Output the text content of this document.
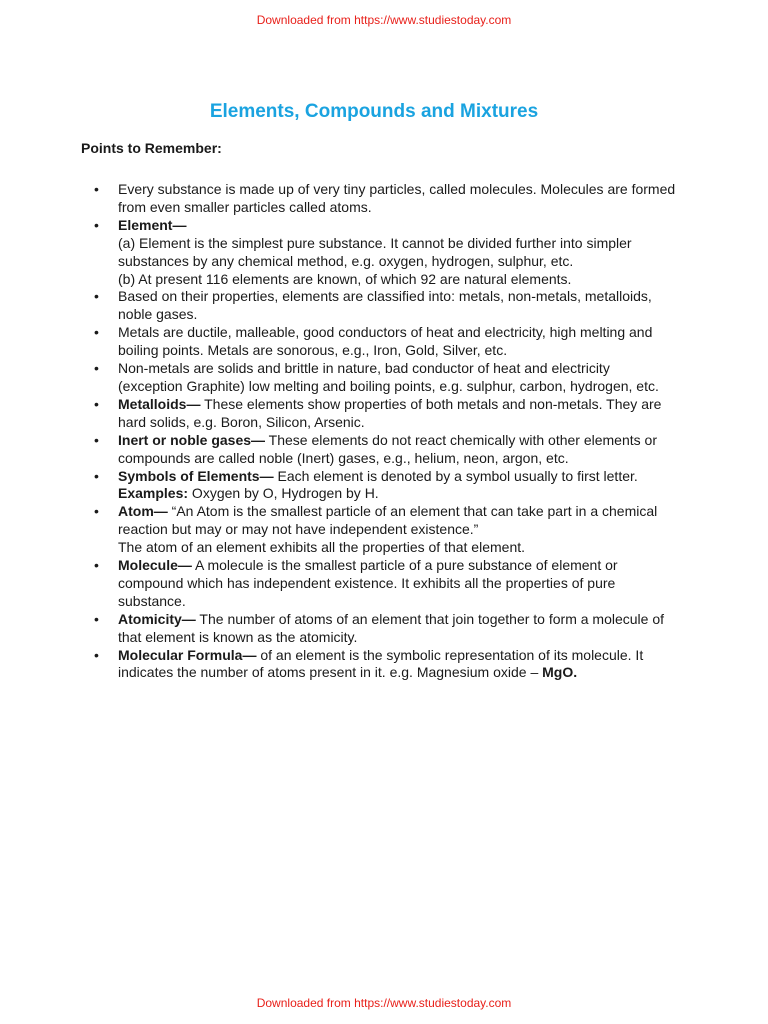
Downloaded from https://www.studiestoday.com
Elements, Compounds and Mixtures

Points to Remember:

• Every substance is made up of very tiny particles, called molecules. Molecules are formed from even smaller particles called atoms.
• Element—
(a) Element is the simplest pure substance. It cannot be divided further into simpler substances by any chemical method, e.g. oxygen, hydrogen, sulphur, etc.
(b) At present 116 elements are known, of which 92 are natural elements.
• Based on their properties, elements are classified into: metals, non-metals, metalloids, noble gases.
• Metals are ductile, malleable, good conductors of heat and electricity, high melting and boiling points. Metals are sonorous, e.g., Iron, Gold, Silver, etc.
• Non-metals are solids and brittle in nature, bad conductor of heat and electricity (exception Graphite) low melting and boiling points, e.g. sulphur, carbon, hydrogen, etc.
• Metalloids— These elements show properties of both metals and non-metals. They are hard solids, e.g. Boron, Silicon, Arsenic.
• Inert or noble gases— These elements do not react chemically with other elements or compounds are called noble (Inert) gases, e.g., helium, neon, argon, etc.
• Symbols of Elements— Each element is denoted by a symbol usually to first letter.
Examples: Oxygen by O, Hydrogen by H.
• Atom— “An Atom is the smallest particle of an element that can take part in a chemical reaction but may or may not have independent existence.”
The atom of an element exhibits all the properties of that element.
• Molecule— A molecule is the smallest particle of a pure substance of element or compound which has independent existence. It exhibits all the properties of pure substance.
• Atomicity— The number of atoms of an element that join together to form a molecule of that element is known as the atomicity.
• Molecular Formula— of an element is the symbolic representation of its molecule. It indicates the number of atoms present in it. e.g. Magnesium oxide – MgO.
Downloaded from https://www.studiestoday.com
